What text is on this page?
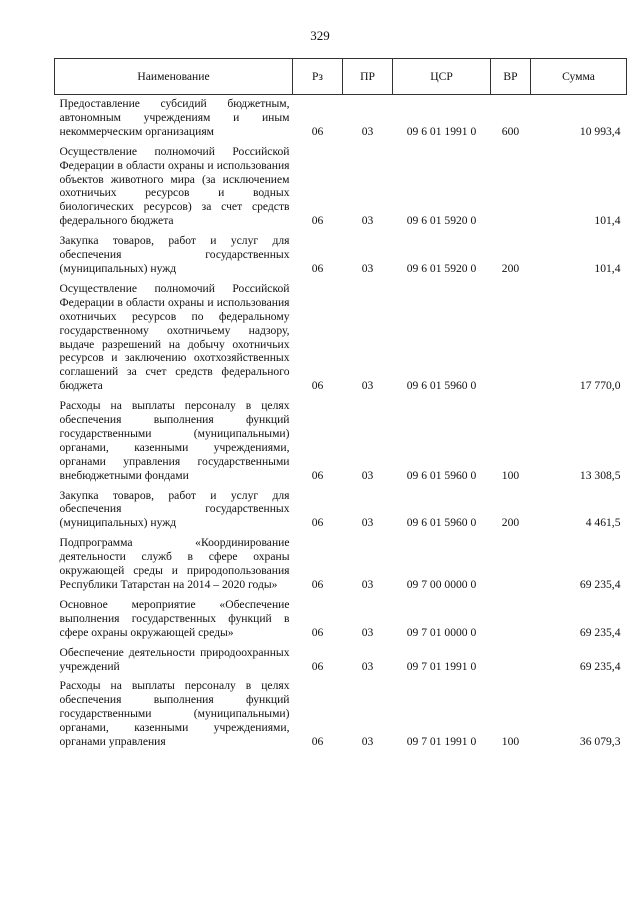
329
Наименование	Рз	ПР	ЦСР	ВР	Сумма
Предоставление субсидий бюджетным, автономным учреждениям и иным некоммерческим организациям	06	03	09 6 01 1991 0	600	10 993,4
Осуществление полномочий Российской Федерации в области охраны и использования объектов животного мира (за исключением охотничьих ресурсов и водных биологических ресурсов) за счет средств федерального бюджета	06	03	09 6 01 5920 0		101,4
Закупка товаров, работ и услуг для обеспечения государственных (муниципальных) нужд	06	03	09 6 01 5920 0	200	101,4
Осуществление полномочий Российской Федерации в области охраны и использования охотничьих ресурсов по федеральному государственному охотничьему надзору, выдаче разрешений на добычу охотничьих ресурсов и заключению охотхозяйственных соглашений за счет средств федерального бюджета	06	03	09 6 01 5960 0		17 770,0
Расходы на выплаты персоналу в целях обеспечения выполнения функций государственными (муниципальными) органами, казенными учреждениями, органами управления государственными внебюджетными фондами	06	03	09 6 01 5960 0	100	13 308,5
Закупка товаров, работ и услуг для обеспечения государственных (муниципальных) нужд	06	03	09 6 01 5960 0	200	4 461,5
Подпрограмма «Координирование деятельности служб в сфере охраны окружающей среды и природопользования Республики Татарстан на 2014 – 2020 годы»	06	03	09 7 00 0000 0		69 235,4
Основное мероприятие «Обеспечение выполнения государственных функций в сфере охраны окружающей среды»	06	03	09 7 01 0000 0		69 235,4
Обеспечение деятельности природоохранных учреждений	06	03	09 7 01 1991 0		69 235,4
Расходы на выплаты персоналу в целях обеспечения выполнения функций государственными (муниципальными) органами, казенными учреждениями, органами управления	06	03	09 7 01 1991 0	100	36 079,3
